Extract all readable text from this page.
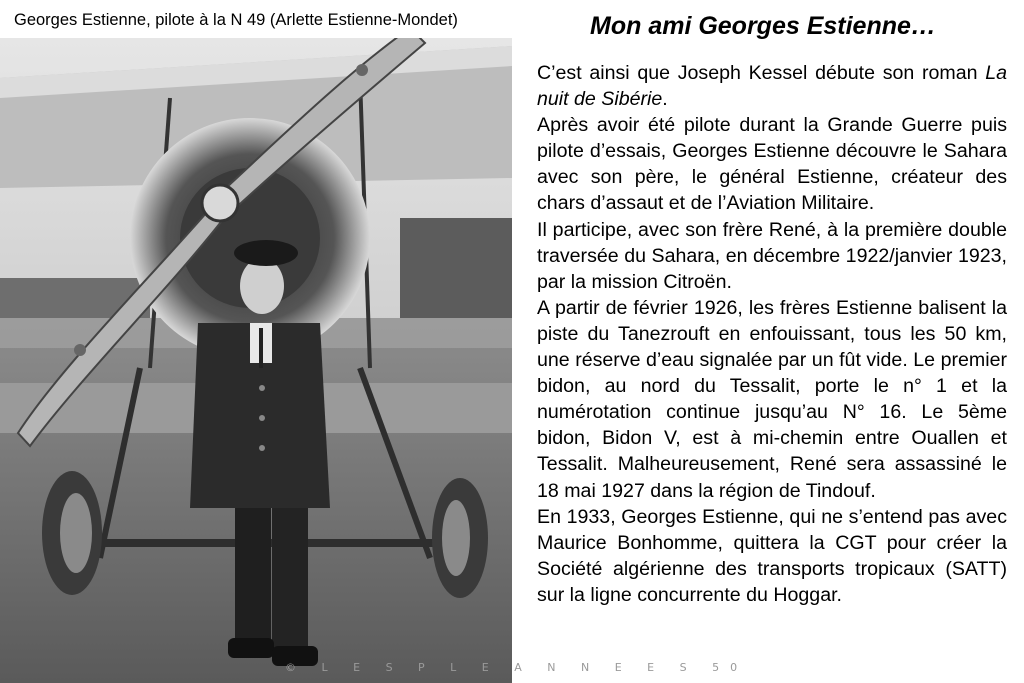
Georges Estienne, pilote à la N 49 (Arlette Estienne-Mondet)	Mon ami Georges Estienne…

C’est ainsi que Joseph Kessel débute son roman La nuit de Sibérie.

Après avoir été pilote durant la Grande Guerre puis pilote d’essais, Georges Estienne découvre le Sahara avec son père, le général Estienne, créateur des chars d’assaut et de l’Aviation Militaire.

Il participe, avec son frère René, à la première double traversée du Sahara, en décembre 1922/janvier 1923, par la mission Citroën.

A partir de février 1926, les frères Estienne balisent la piste du Tanezrouft en enfouissant, tous les 50 km, une réserve d’eau signalée par un fût vide. Le premier bidon, au nord du Tessalit, porte le n° 1 et la numérotation continue jusqu’au N° 16. Le 5ème bidon, Bidon V, est à mi-chemin entre Ouallen et Tessalit. Malheureusement, René sera assassiné le 18 mai 1927 dans la région de Tindouf.

En 1933, Georges Estienne, qui ne s’entend pas avec Maurice Bonhomme, quittera la CGT pour créer la Société algérienne des transports tropicaux (SATT) sur la ligne concurrente du Hoggar.

© L E S P L E A N N E E S 50
